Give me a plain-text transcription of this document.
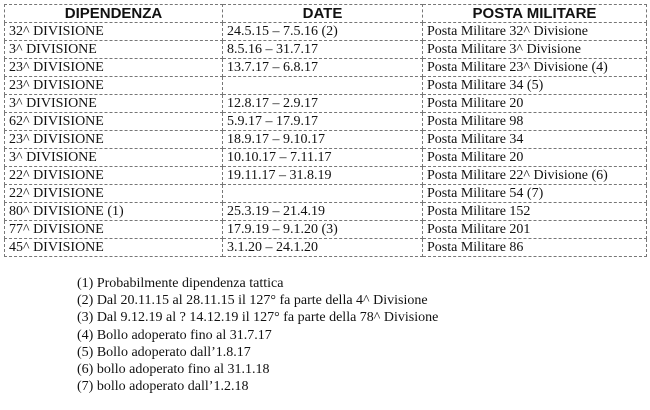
DIPENDENZA	DATE	POSTA MILITARE
32^ DIVISIONE	24.5.15 – 7.5.16 (2)	Posta Militare 32^ Divisione
3^ DIVISIONE	8.5.16 – 31.7.17	Posta Militare 3^ Divisione
23^ DIVISIONE	13.7.17 – 6.8.17	Posta Militare 23^ Divisione (4)
23^ DIVISIONE		Posta Militare 34 (5)
3^ DIVISIONE	12.8.17 – 2.9.17	Posta Militare 20
62^ DIVISIONE	5.9.17 – 17.9.17	Posta Militare 98
23^ DIVISIONE	18.9.17 – 9.10.17	Posta Militare 34
3^ DIVISIONE	10.10.17 – 7.11.17	Posta Militare 20
22^ DIVISIONE	19.11.17 – 31.8.19	Posta Militare 22^ Divisione (6)
22^ DIVISIONE		Posta Militare 54 (7)
80^ DIVISIONE (1)	25.3.19 – 21.4.19	Posta Militare 152
77^ DIVISIONE	17.9.19 – 9.1.20 (3)	Posta Militare 201
45^ DIVISIONE	3.1.20 – 24.1.20	Posta Militare 86
(1) Probabilmente dipendenza tattica
(2) Dal 20.11.15 al 28.11.15 il 127° fa parte della 4^ Divisione
(3) Dal 9.12.19 al ? 14.12.19 il 127° fa parte della 78^ Divisione
(4) Bollo adoperato fino al 31.7.17
(5) Bollo adoperato dall’1.8.17
(6) bollo adoperato fino al 31.1.18
(7) bollo adoperato dall’1.2.18
